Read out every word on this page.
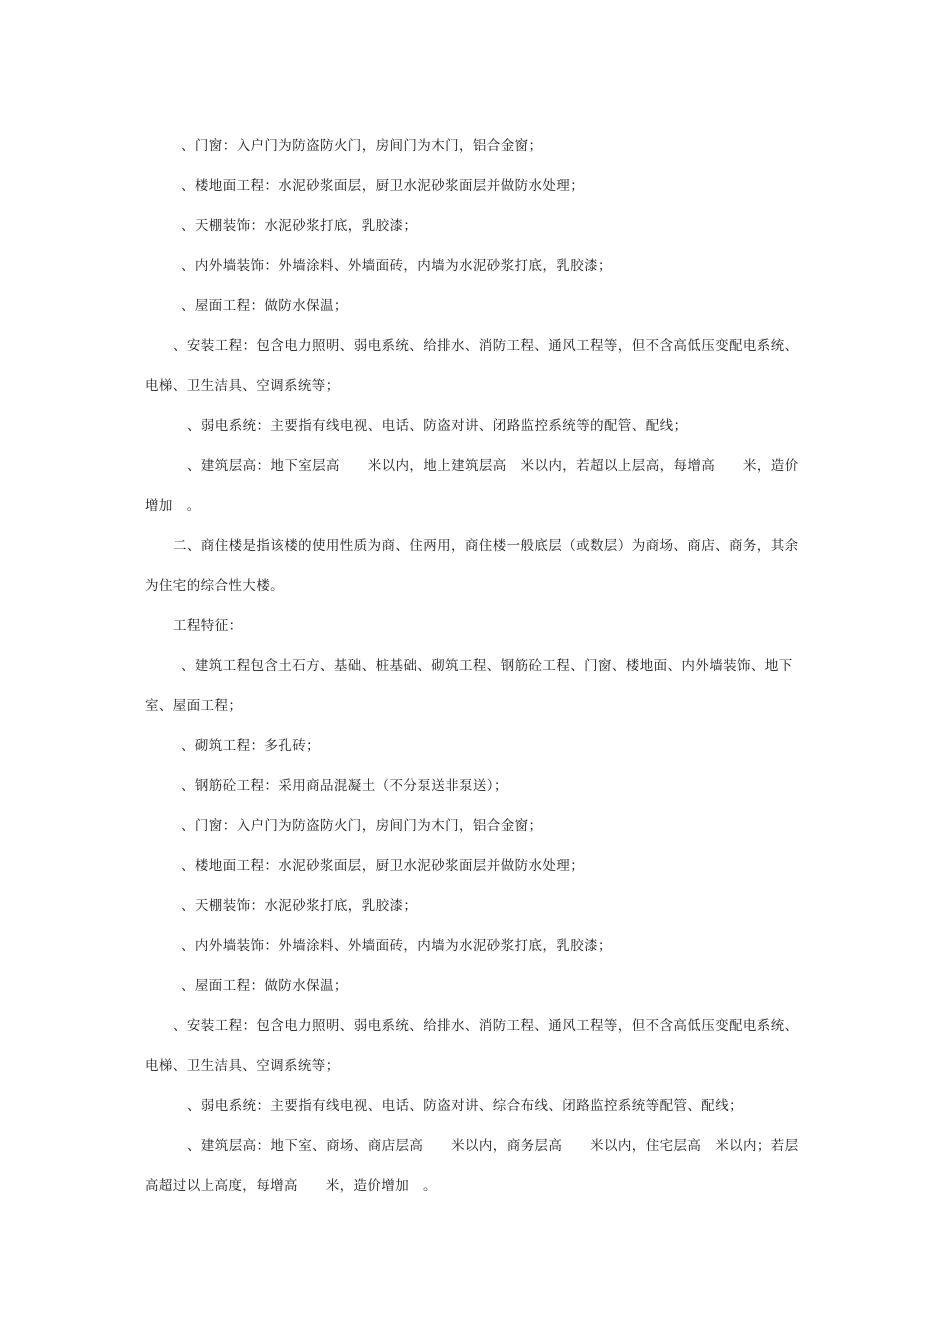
、门窗：入户门为防盗防火门，房间门为木门，铝合金窗；

、楼地面工程：水泥砂浆面层，厨卫水泥砂浆面层并做防水处理；

、天棚装饰：水泥砂浆打底，乳胶漆；

、内外墙装饰：外墙涂料、外墙面砖，内墙为水泥砂浆打底，乳胶漆；

、屋面工程：做防水保温；

、安装工程：包含电力照明、弱电系统、给排水、消防工程、通风工程等，但不含高低压变配电系统、电梯、卫生洁具、空调系统等；

、弱电系统：主要指有线电视、电话、防盗对讲、闭路监控系统等的配管、配线；

、建筑层高：地下室层高　　米以内，地上建筑层高　米以内，若超以上层高，每增高　　米，造价增加　。

二、商住楼是指该楼的使用性质为商、住两用，商住楼一般底层（或数层）为商场、商店、商务，其余为住宅的综合性大楼。

工程特征：

、建筑工程包含土石方、基础、桩基础、砌筑工程、钢筋砼工程、门窗、楼地面、内外墙装饰、地下室、屋面工程；

、砌筑工程：多孔砖；

、钢筋砼工程：采用商品混凝土（不分泵送非泵送）；

、门窗：入户门为防盗防火门，房间门为木门，铝合金窗；

、楼地面工程：水泥砂浆面层，厨卫水泥砂浆面层并做防水处理；

、天棚装饰：水泥砂浆打底，乳胶漆；

、内外墙装饰：外墙涂料、外墙面砖，内墙为水泥砂浆打底，乳胶漆；

、屋面工程：做防水保温；

、安装工程：包含电力照明、弱电系统、给排水、消防工程、通风工程等，但不含高低压变配电系统、电梯、卫生洁具、空调系统等；

、弱电系统：主要指有线电视、电话、防盗对讲、综合布线、闭路监控系统等配管、配线；

、建筑层高：地下室、商场、商店层高　　米以内，商务层高　　米以内，住宅层高　米以内；若层高超过以上高度，每增高　　米，造价增加　。
